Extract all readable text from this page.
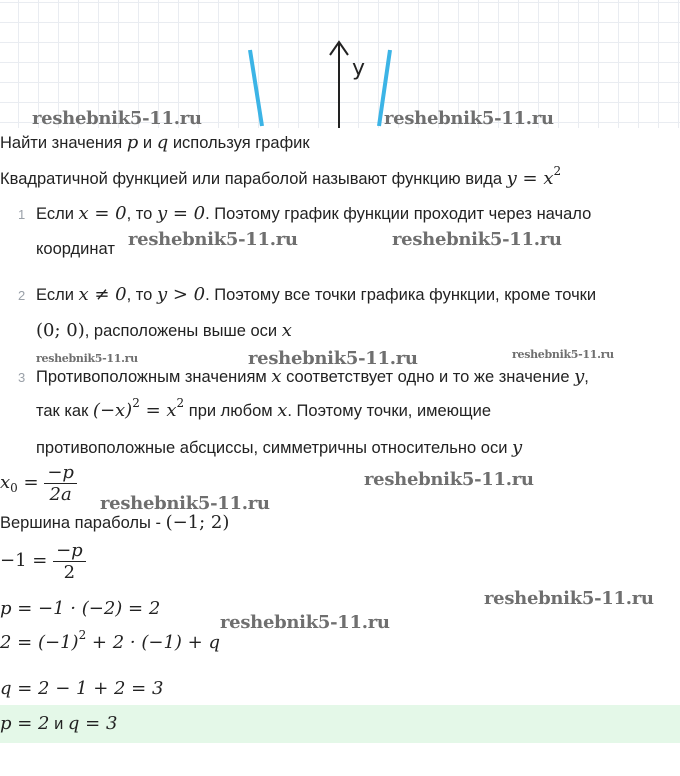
y
reshebnik5-11.ru	reshebnik5-11.ru
reshebnik5-11.ru	reshebnik5-11.ru
reshebnik5-11.ru	reshebnik5-11.ru	reshebnik5-11.ru
reshebnik5-11.ru
reshebnik5-11.ru
reshebnik5-11.ru
reshebnik5-11.ru
Найти значения p и q используя график
Квадратичной функцией или параболой называют функцию вида $y = x^2$
1 Если x = 0, то y = 0. Поэтому график функции проходит через начало
координат
2 Если x ≠ 0, то y > 0. Поэтому все точки графика функции, кроме точки
(0; 0), расположены выше оси x
3 Противоположным значениям x соответствует одно и то же значение y,
так как $(-x)^2 = x^2$ при любом x. Поэтому точки, имеющие
противоположные абсциссы, симметричны относительно оси y
$x_0 = \frac{-p}{2a}$
Вершина параболы - (−1; 2)
$-1 = \frac{-p}{2}$
p = −1 · (−2) = 2
$2 = (-1)^2 + 2 \cdot (-1) + q$
q = 2 − 1 + 2 = 3
p = 2 и q = 3
